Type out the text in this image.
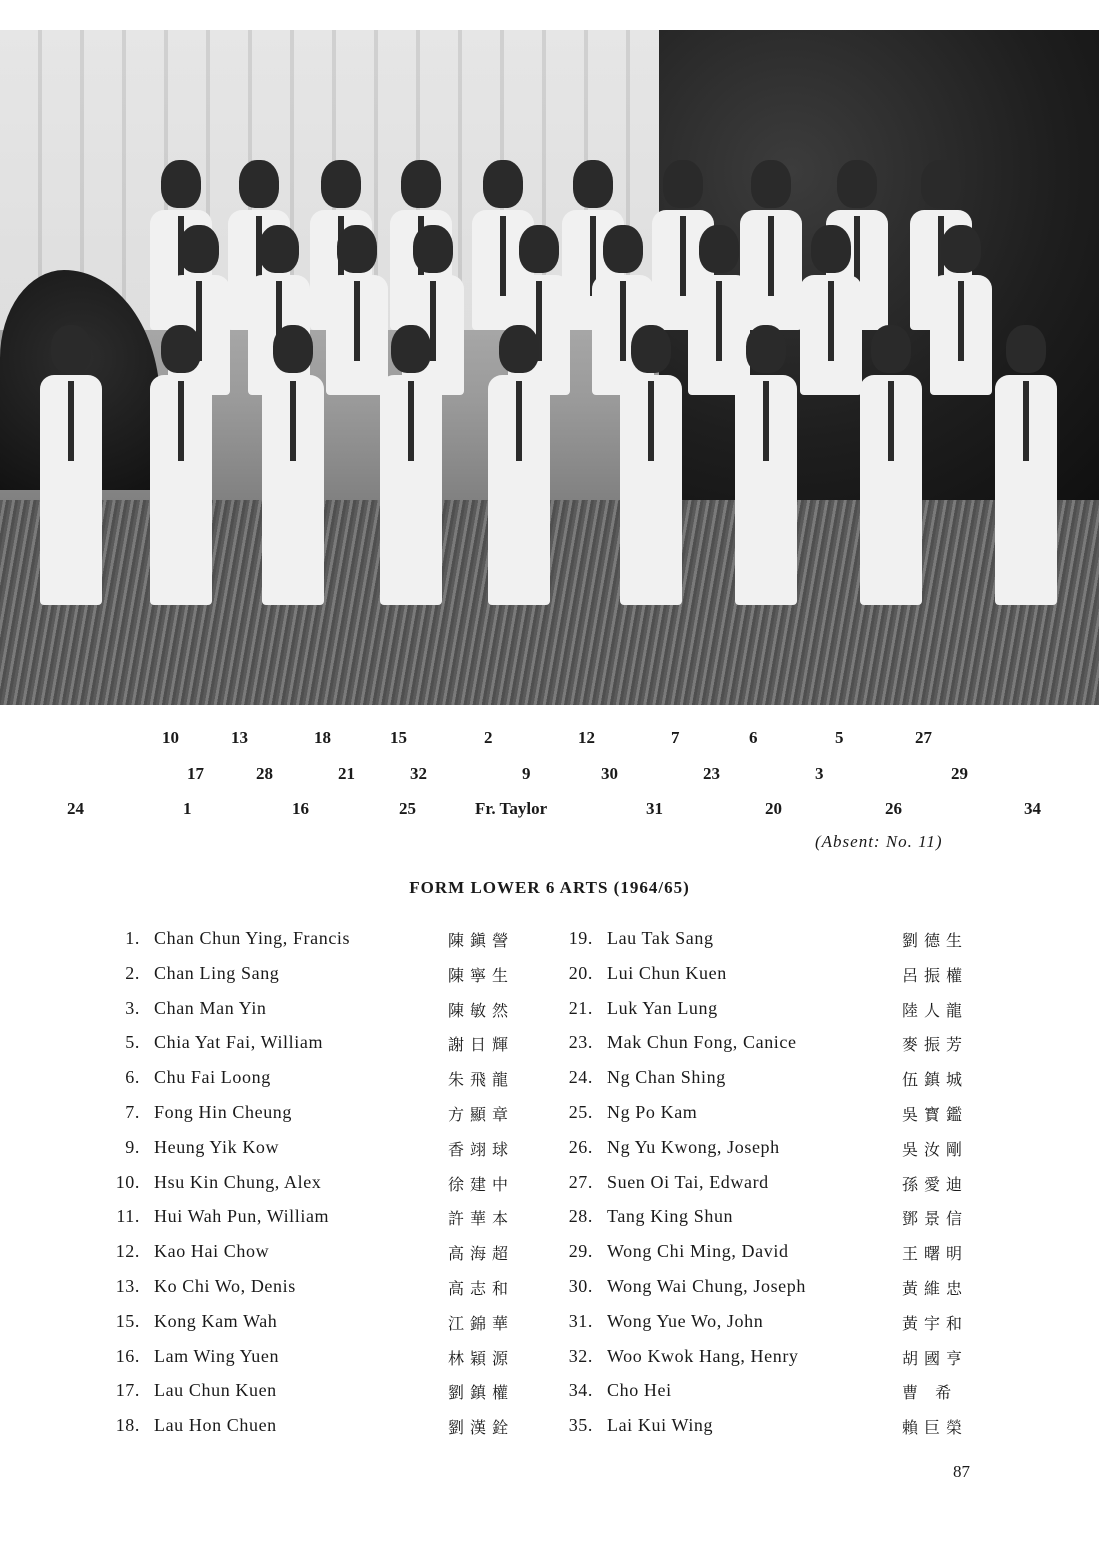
10	13	18	15	2	12	7	6	5	27
17	28	21	32	9	30	23	3	29
24	1	16	25	Fr. Taylor	31	20	26	34
(Absent: No. 11)
FORM LOWER 6 ARTS (1964/65)
1. Chan Chun Ying, Francis	陳鎭謍
2. Chan Ling Sang	陳寧生
3. Chan Man Yin	陳敏然
5. Chia Yat Fai, William	謝日輝
6. Chu Fai Loong	朱飛龍
7. Fong Hin Cheung	方顯章
9. Heung Yik Kow	香翊球
10. Hsu Kin Chung, Alex	徐建中
11. Hui Wah Pun, William	許華本
12. Kao Hai Chow	高海超
13. Ko Chi Wo, Denis	高志和
15. Kong Kam Wah	江錦華
16. Lam Wing Yuen	林穎源
17. Lau Chun Kuen	劉鎮權
18. Lau Hon Chuen	劉漢銓
19. Lau Tak Sang	劉德生
20. Lui Chun Kuen	呂振權
21. Luk Yan Lung	陸人龍
23. Mak Chun Fong, Canice	麥振芳
24. Ng Chan Shing	伍鎮城
25. Ng Po Kam	吳寳鑑
26. Ng Yu Kwong, Joseph	吳汝剛
27. Suen Oi Tai, Edward	孫愛迪
28. Tang King Shun	鄧景信
29. Wong Chi Ming, David	王曙明
30. Wong Wai Chung, Joseph	黃維忠
31. Wong Yue Wo, John	黃宇和
32. Woo Kwok Hang, Henry	胡國亨
34. Cho Hei	曹 希
35. Lai Kui Wing	賴巨榮
87
